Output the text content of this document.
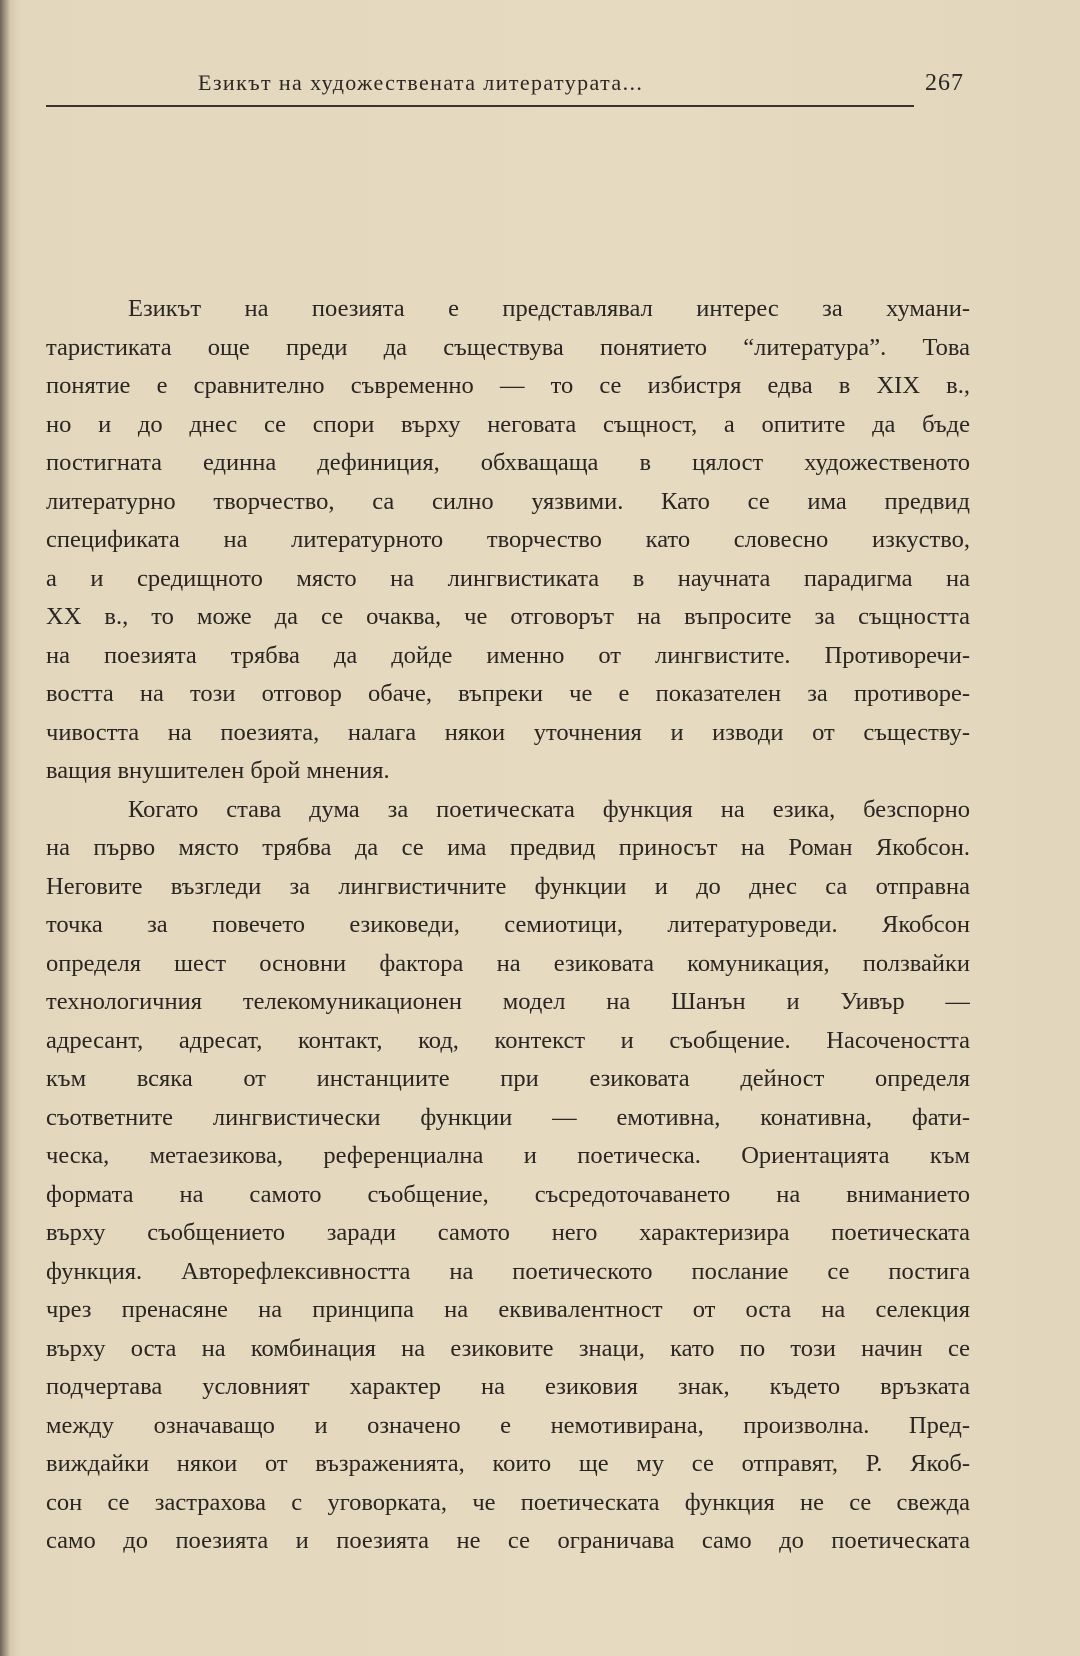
Езикът на художествената литературата...	267
Езикът на поезията е представлявал интерес за хумани-
таристиката още преди да съществува понятието “литература”. Това
понятие е сравнително съвременно — то се избистря едва в XIX в.,
но и до днес се спори върху неговата същност, а опитите да бъде
постигната единна дефиниция, обхващаща в цялост художественото
литературно творчество, са силно уязвими. Като се има предвид
спецификата на литературното творчество като словесно изкуство,
а и средищното място на лингвистиката в научната парадигма на
XX в., то може да се очаква, че отговорът на въпросите за същността
на поезията трябва да дойде именно от лингвистите. Противоречи-
востта на този отговор обаче, въпреки че е показателен за противоре-
чивостта на поезията, налага някои уточнения и изводи от съществу-
ващия внушителен брой мнения.
Когато става дума за поетическата функция на езика, безспорно
на първо място трябва да се има предвид приносът на Роман Якобсон.
Неговите възгледи за лингвистичните функции и до днес са отправна
точка за повечето езиковеди, семиотици, литературоведи. Якобсон
определя шест основни фактора на езиковата комуникация, ползвайки
технологичния телекомуникационен модел на Шанън и Уивър —
адресант, адресат, контакт, код, контекст и съобщение. Насочеността
към всяка от инстанциите при езиковата дейност определя
съответните лингвистически функции — емотивна, конативна, фати-
ческа, метаезикова, референциална и поетическа. Ориентацията към
формата на самото съобщение, съсредоточаването на вниманието
върху съобщението заради самото него характеризира поетическата
функция. Авторефлексивността на поетическото послание се постига
чрез пренасяне на принципа на еквивалентност от оста на селекция
върху оста на комбинация на езиковите знаци, като по този начин се
подчертава условният характер на езиковия знак, където връзката
между означаващо и означено е немотивирана, произволна. Пред-
виждайки някои от възраженията, които ще му се отправят, Р. Якоб-
сон се застрахова с уговорката, че поетическата функция не се свежда
само до поезията и поезията не се ограничава само до поетическата
